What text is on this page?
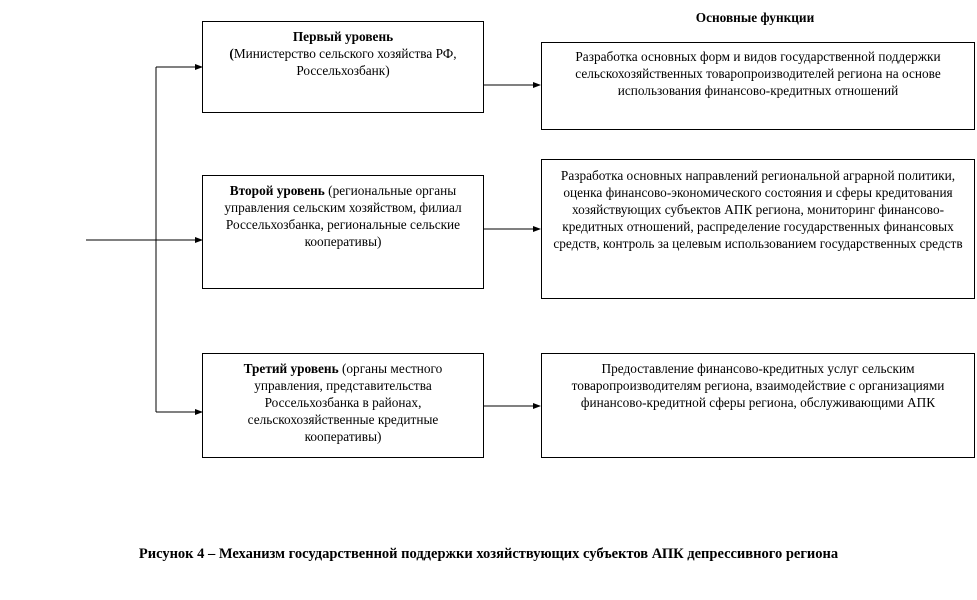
Основные функции
Первый уровень
(Министерство сельского хозяйства РФ, Россельхозбанк)
Второй уровень (региональные органы управления сельским хозяйством, филиал Россельхозбанка, региональные сельские кооперативы)
Третий уровень (органы местного управления, представительства Россельхозбанка в районах, сельскохозяйственные кредитные кооперативы)
Разработка основных форм и видов государственной поддержки сельскохозяйственных товаропроизводителей региона на основе использования финансово-кредитных отношений
Разработка основных направлений региональной аграрной политики, оценка финансово-экономического состояния и сферы кредитования хозяйствующих субъектов АПК региона, мониторинг финансово-кредитных отношений, распределение государственных финансовых средств, контроль за целевым использованием государственных средств
Предоставление финансово-кредитных услуг сельским товаропроизводителям региона, взаимодействие с организациями финансово-кредитной сферы региона, обслуживающими АПК
Рисунок 4 – Механизм государственной поддержки хозяйствующих субъектов АПК депрессивного региона
